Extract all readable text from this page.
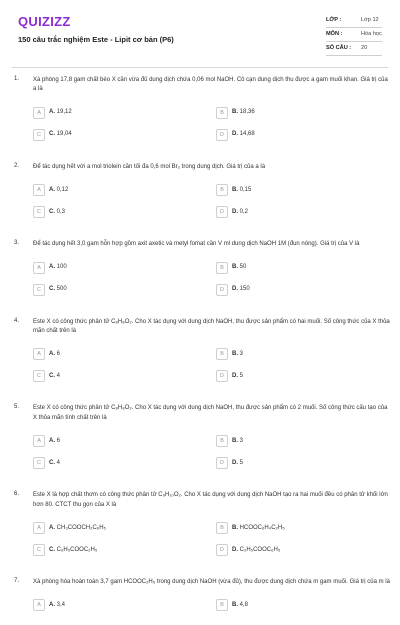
QUIZIZZ
150 câu trắc nghiệm Este - Lipit cơ bản (P6)
LỚP :	Lớp 12
MÔN :	Hóa học
SỐ CÂU : 20
1. Xà phòng 17,8 gam chất béo X cần vừa đủ dung dịch chứa 0,06 mol NaOH. Cô cạn dung dịch thu được a gam muối khan. Giá trị của a là
A	A. 19,12	B	B. 18,36
C	C. 19,04	D	D. 14,68
2. Để tác dụng hết với a mol triolein cần tối đa 0,6 mol Br₂ trong dung dịch. Giá trị của a là
A	A. 0,12	B	B. 0,15
C	C. 0,3	D	D. 0,2
3. Để tác dụng hết 3,0 gam hỗn hợp gồm axit axetic và metyl fomat cần V ml dung dịch NaOH 1M (đun nóng). Giá trị của V là
A	A. 100	B	B. 50
C	C. 500	D	D. 150
4. Este X có công thức phân tử C₈H₈O₂. Cho X tác dụng với dung dịch NaOH, thu được sản phẩm có hai muối. Số công thức của X thỏa mãn chất trên là
A	A. 6	B	B. 3
C	C. 4	D	D. 5
5. Este X có công thức phân tử C₈H₈O₂. Cho X tác dụng với dung dịch NaOH, thu được sản phẩm có 2 muối. Số công thức cấu tạo của X thỏa mãn tính chất trên là
A	A. 6	B	B. 3
C	C. 4	D	D. 5
6. Este X là hợp chất thơm có công thức phân tử C₉H₁₀O₂. Cho X tác dụng với dung dịch NaOH tạo ra hai muối đều có phân tử khối lớn hơn 80. CTCT thu gọn của X là
A	A. CH₃COOCH₂C₆H₅	B	B. HCOOC₆H₄C₂H₅
C	C. C₆H₅COOC₂H₅	D	D. C₂H₅COOC₆H₅
7. Xà phòng hóa hoàn toàn 3,7 gam HCOOC₂H₅ trong dung dịch NaOH (vừa đủ), thu được dung dịch chứa m gam muối. Giá trị của m là
A	A. 3,4	B	B. 4,8
